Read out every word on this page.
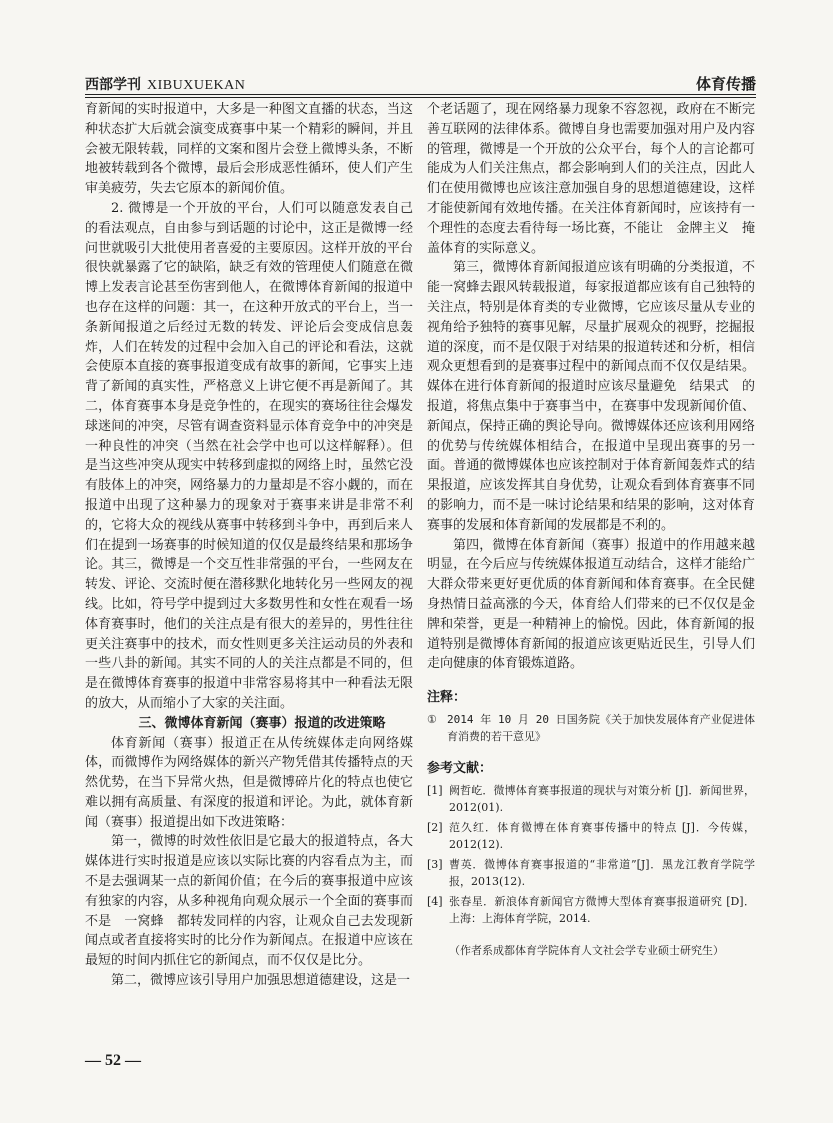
西部学刊 XIBUXUEKAN	体育传播

育新闻的实时报道中，大多是一种图文直播的状态，当这种状态扩大后就会演变成赛事中某一个精彩的瞬间，并且会被无限转载，同样的文案和图片会登上微博头条，不断地被转载到各个微博，最后会形成恶性循环，使人们产生审美疲劳，失去它原本的新闻价值。

2. 微博是一个开放的平台，人们可以随意发表自己的看法观点，自由参与到话题的讨论中，这正是微博一经问世就吸引大批使用者喜爱的主要原因。这样开放的平台很快就暴露了它的缺陷，缺乏有效的管理使人们随意在微博上发表言论甚至伤害到他人，在微博体育新闻的报道中也存在这样的问题：其一，在这种开放式的平台上，当一条新闻报道之后经过无数的转发、评论后会变成信息轰炸，人们在转发的过程中会加入自己的评论和看法，这就会使原本直接的赛事报道变成有故事的新闻，它事实上违背了新闻的真实性，严格意义上讲它便不再是新闻了。其二，体育赛事本身是竞争性的，在现实的赛场往往会爆发球迷间的冲突，尽管有调查资料显示体育竞争中的冲突是一种良性的冲突（当然在社会学中也可以这样解释）。但是当这些冲突从现实中转移到虚拟的网络上时，虽然它没有肢体上的冲突，网络暴力的力量却是不容小觑的，而在报道中出现了这种暴力的现象对于赛事来讲是非常不利的，它将大众的视线从赛事中转移到斗争中，再到后来人们在提到一场赛事的时候知道的仅仅是最终结果和那场争论。其三，微博是一个交互性非常强的平台，一些网友在转发、评论、交流时便在潜移默化地转化另一些网友的视线。比如，符号学中提到过大多数男性和女性在观看一场体育赛事时，他们的关注点是有很大的差异的，男性往往更关注赛事中的技术，而女性则更多关注运动员的外表和一些八卦的新闻。其实不同的人的关注点都是不同的，但是在微博体育赛事的报道中非常容易将其中一种看法无限的放大，从而缩小了大家的关注面。

三、微博体育新闻（赛事）报道的改进策略

体育新闻（赛事）报道正在从传统媒体走向网络媒体，而微博作为网络媒体的新兴产物凭借其传播特点的天然优势，在当下异常火热，但是微博碎片化的特点也使它难以拥有高质量、有深度的报道和评论。为此，就体育新闻（赛事）报道提出如下改进策略：

第一，微博的时效性依旧是它最大的报道特点，各大媒体进行实时报道是应该以实际比赛的内容看点为主，而不是去强调某一点的新闻价值；在今后的赛事报道中应该有独家的内容，从多种视角向观众展示一个全面的赛事而不是　一窝蜂　都转发同样的内容，让观众自己去发现新闻点或者直接将实时的比分作为新闻点。在报道中应该在最短的时间内抓住它的新闻点，而不仅仅是比分。

第二，微博应该引导用户加强思想道德建设，这是一

个老话题了，现在网络暴力现象不容忽视，政府在不断完善互联网的法律体系。微博自身也需要加强对用户及内容的管理，微博是一个开放的公众平台，每个人的言论都可能成为人们关注焦点，都会影响到人们的关注点，因此人们在使用微博也应该注意加强自身的思想道德建设，这样才能使新闻有效地传播。在关注体育新闻时，应该持有一个理性的态度去看待每一场比赛，不能让　金牌主义　掩盖体育的实际意义。

第三，微博体育新闻报道应该有明确的分类报道，不能一窝蜂去跟风转载报道，每家报道都应该有自己独特的关注点，特别是体育类的专业微博，它应该尽量从专业的视角给予独特的赛事见解，尽量扩展观众的视野，挖掘报道的深度，而不是仅限于对结果的报道转述和分析，相信观众更想看到的是赛事过程中的新闻点而不仅仅是结果。媒体在进行体育新闻的报道时应该尽量避免　结果式　的报道，将焦点集中于赛事当中，在赛事中发现新闻价值、新闻点，保持正确的舆论导向。微博媒体还应该利用网络的优势与传统媒体相结合，在报道中呈现出赛事的另一面。普通的微博媒体也应该控制对于体育新闻轰炸式的结果报道，应该发挥其自身优势，让观众看到体育赛事不同的影响力，而不是一味讨论结果和结果的影响，这对体育赛事的发展和体育新闻的发展都是不利的。

第四，微博在体育新闻（赛事）报道中的作用越来越明显，在今后应与传统媒体报道互动结合，这样才能给广大群众带来更好更优质的体育新闻和体育赛事。在全民健身热情日益高涨的今天，体育给人们带来的已不仅仅是金牌和荣誉，更是一种精神上的愉悦。因此，体育新闻的报道特别是微博体育新闻的报道应该更贴近民生，引导人们走向健康的体育锻炼道路。

注释：
① 2014 年 10 月 20 日国务院《关于加快发展体育产业促进体育消费的若干意见》
参考文献：
[1] 阙哲屹．微博体育赛事报道的现状与对策分析 [J]．新闻世界，2012(01).
[2] 范久红．体育微博在体育赛事传播中的特点 [J]．今传媒，2012(12).
[3] 曹英．微博体育赛事报道的“非常道”[J]．黑龙江教育学院学报，2013(12).
[4] 张春星．新浪体育新闻官方微博大型体育赛事报道研究 [D]．上海：上海体育学院，2014.
（作者系成都体育学院体育人文社会学专业硕士研究生）
— 52 —
